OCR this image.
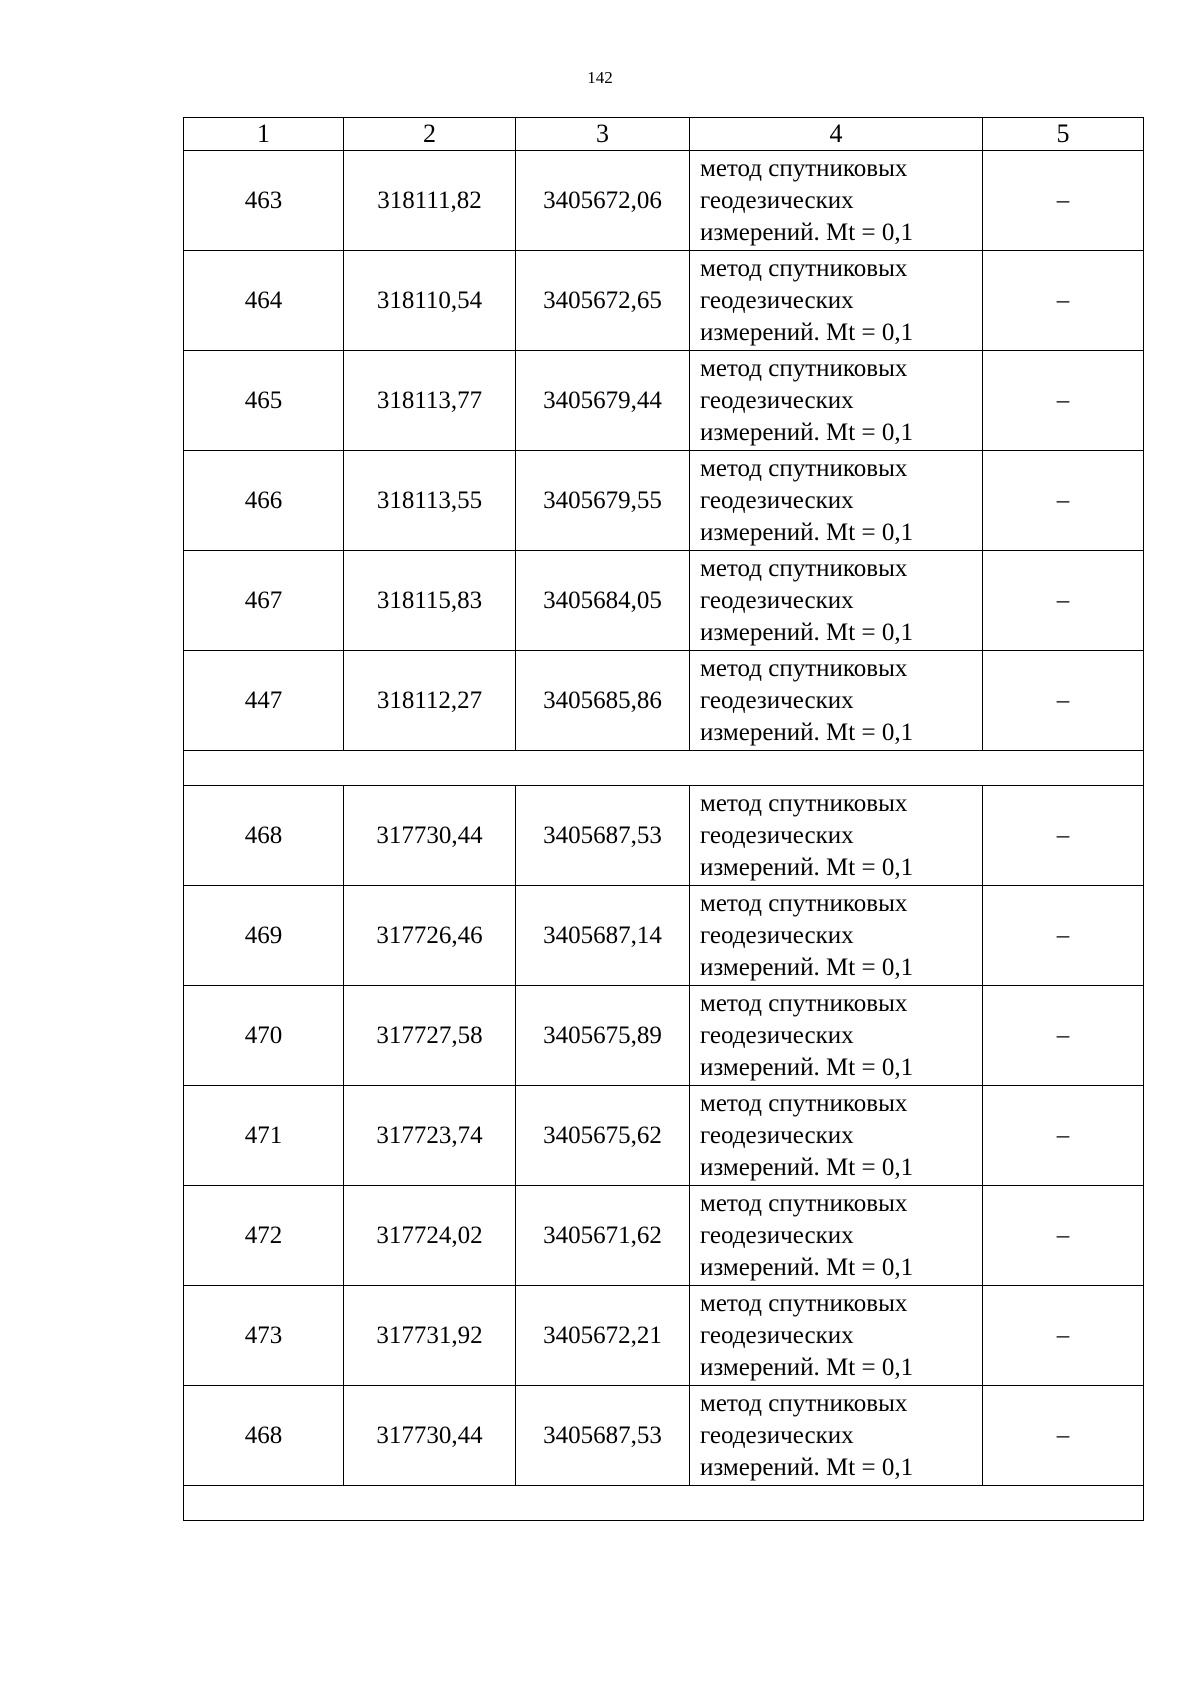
142
1	2	3	4	5
463	318111,82	3405672,06	метод спутниковых
геодезических
измерений. Mt = 0,1	–
464	318110,54	3405672,65	метод спутниковых
геодезических
измерений. Mt = 0,1	–
465	318113,77	3405679,44	метод спутниковых
геодезических
измерений. Mt = 0,1	–
466	318113,55	3405679,55	метод спутниковых
геодезических
измерений. Mt = 0,1	–
467	318115,83	3405684,05	метод спутниковых
геодезических
измерений. Mt = 0,1	–
447	318112,27	3405685,86	метод спутниковых
геодезических
измерений. Mt = 0,1	–

468	317730,44	3405687,53	метод спутниковых
геодезических
измерений. Mt = 0,1	–
469	317726,46	3405687,14	метод спутниковых
геодезических
измерений. Mt = 0,1	–
470	317727,58	3405675,89	метод спутниковых
геодезических
измерений. Mt = 0,1	–
471	317723,74	3405675,62	метод спутниковых
геодезических
измерений. Mt = 0,1	–
472	317724,02	3405671,62	метод спутниковых
геодезических
измерений. Mt = 0,1	–
473	317731,92	3405672,21	метод спутниковых
геодезических
измерений. Mt = 0,1	–
468	317730,44	3405687,53	метод спутниковых
геодезических
измерений. Mt = 0,1	–
